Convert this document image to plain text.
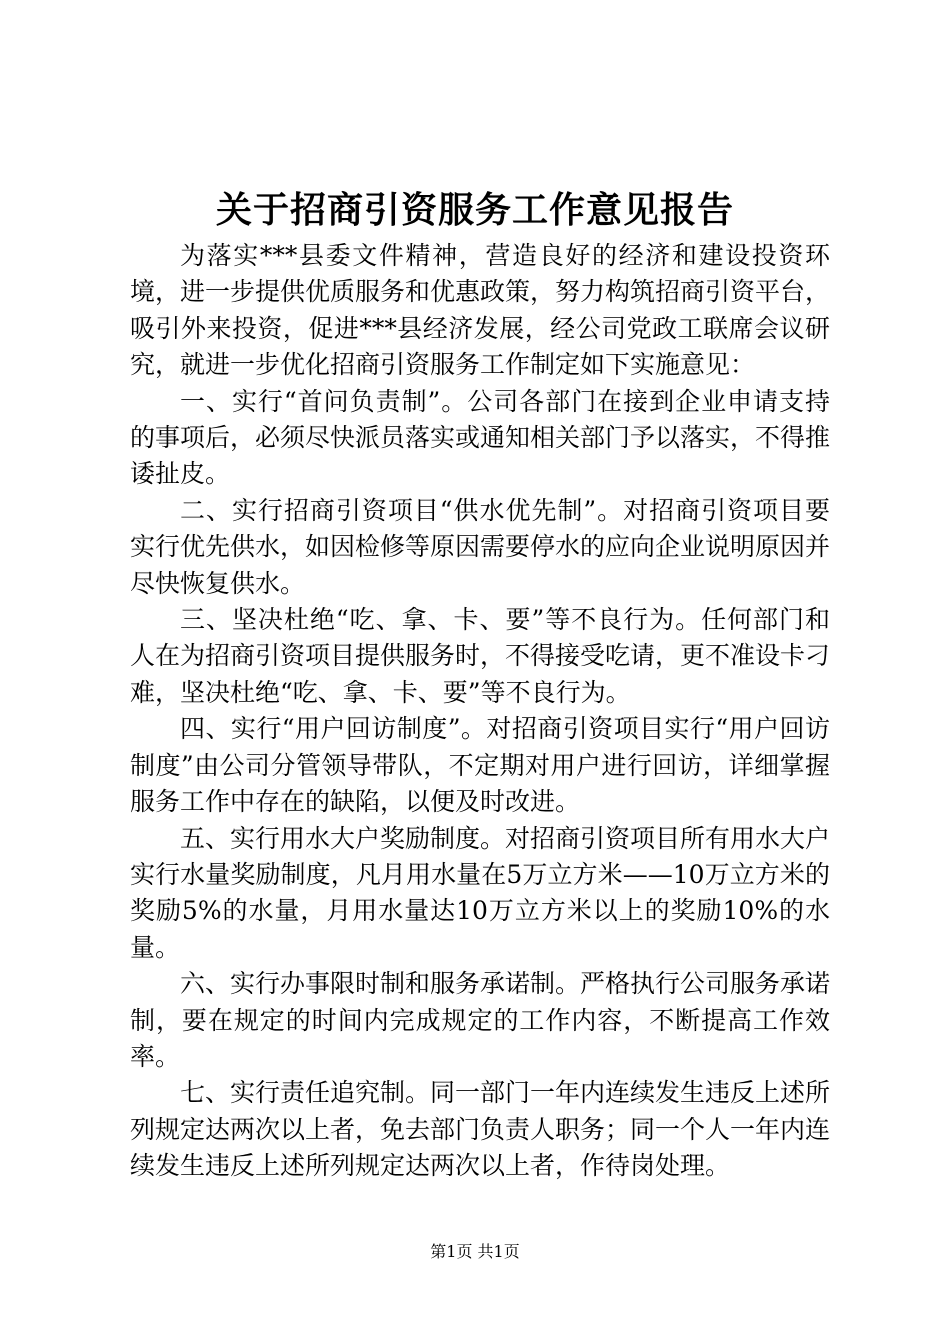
关于招商引资服务工作意见报告

为落实***县委文件精神，营造良好的经济和建设投资环境，进一步提供优质服务和优惠政策，努力构筑招商引资平台，吸引外来投资，促进***县经济发展，经公司党政工联席会议研究，就进一步优化招商引资服务工作制定如下实施意见：

一、实行“首问负责制”。公司各部门在接到企业申请支持的事项后，必须尽快派员落实或通知相关部门予以落实，不得推诿扯皮。

二、实行招商引资项目“供水优先制”。对招商引资项目要实行优先供水，如因检修等原因需要停水的应向企业说明原因并尽快恢复供水。

三、坚决杜绝“吃、拿、卡、要”等不良行为。任何部门和人在为招商引资项目提供服务时，不得接受吃请，更不准设卡刁难，坚决杜绝“吃、拿、卡、要”等不良行为。

四、实行“用户回访制度”。对招商引资项目实行“用户回访制度”由公司分管领导带队，不定期对用户进行回访，详细掌握服务工作中存在的缺陷，以便及时改进。

五、实行用水大户奖励制度。对招商引资项目所有用水大户实行水量奖励制度，凡月用水量在5万立方米——10万立方米的奖励5%的水量，月用水量达10万立方米以上的奖励10%的水量。

六、实行办事限时制和服务承诺制。严格执行公司服务承诺制，要在规定的时间内完成规定的工作内容，不断提高工作效率。

七、实行责任追究制。同一部门一年内连续发生违反上述所列规定达两次以上者，免去部门负责人职务；同一个人一年内连续发生违反上述所列规定达两次以上者，作待岗处理。

第1页 共1页
